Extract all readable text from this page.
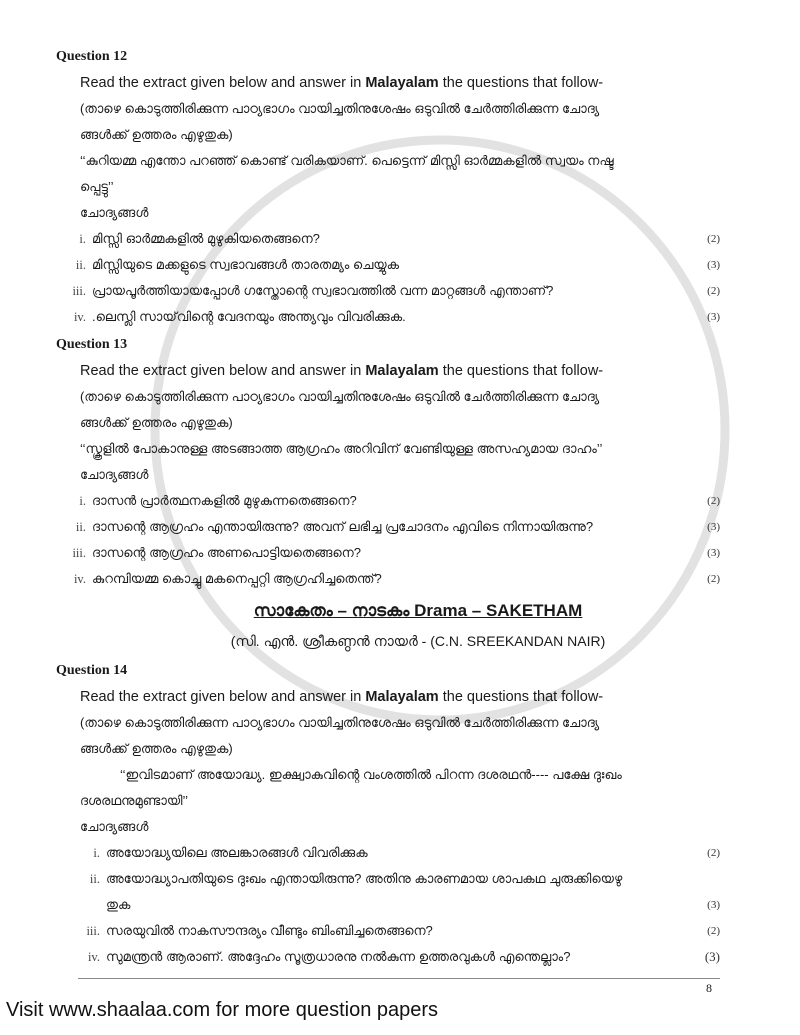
Question 12
Read the extract given below and answer in Malayalam the questions that follow-
(താഴെ കൊടുത്തിരിക്കുന്ന പാഠ്യഭാഗം വായിച്ചതിനുശേഷം ഒടുവിൽ ചേർത്തിരിക്കുന്ന ചോദ്യ
ങ്ങൾക്ക് ഉത്തരം എഴുതുക)
‘‘കുറിയമ്മ എന്തോ പറഞ്ഞ് കൊണ്ട് വരികയാണ്. പെട്ടെന്ന് മിസ്സി ഓർമ്മകളിൽ സ്വയം നഷ്ട
പ്പെട്ടു’’
ചോദ്യങ്ങൾ
i. മിസ്സി ഓർമ്മകളിൽ മുഴുകിയതെങ്ങനെ?	(2)
ii. മിസ്സിയുടെ മക്കളുടെ സ്വഭാവങ്ങൾ താരതമ്യം ചെയ്യുക	(3)
iii. പ്രായപൂർത്തിയായപ്പോൾ ഗസ്തോന്റെ സ്വഭാവത്തിൽ വന്ന മാറ്റങ്ങൾ എന്താണ്?	(2)
iv. .ലെസ്ലി സായ്‌വിന്റെ വേദനയും അന്ത്യവും വിവരിക്കുക.	(3)
Question 13
Read the extract given below and answer in Malayalam the questions that follow-
(താഴെ കൊടുത്തിരിക്കുന്ന പാഠ്യഭാഗം വായിച്ചതിനുശേഷം ഒടുവിൽ ചേർത്തിരിക്കുന്ന ചോദ്യ
ങ്ങൾക്ക് ഉത്തരം എഴുതുക)
‘‘സ്കൂളിൽ പോകാനുള്ള അടങ്ങാത്ത ആഗ്രഹം അറിവിന് വേണ്ടിയുള്ള അസഹ്യമായ ദാഹം’’
ചോദ്യങ്ങൾ
i. ദാസൻ പ്രാർത്ഥനകളിൽ മുഴുകുന്നതെങ്ങനെ?	(2)
ii. ദാസന്റെ ആഗ്രഹം എന്തായിരുന്നു? അവന് ലഭിച്ച പ്രചോദനം എവിടെ നിന്നായിരുന്നു?	(3)
iii. ദാസന്റെ ആഗ്രഹം അണപൊട്ടിയതെങ്ങനെ?	(3)
iv. കുറമ്പിയമ്മ കൊച്ചു മകനെപ്പറ്റി ആഗ്രഹിച്ചതെന്ത്?	(2)
സാകേതം – നാടകം Drama – SAKETHAM
(സി. എൻ. ശ്രീകണ്ഠൻ നായർ - (C.N. SREEKANDAN NAIR)
Question 14
Read the extract given below and answer in Malayalam the questions that follow-
(താഴെ കൊടുത്തിരിക്കുന്ന പാഠ്യഭാഗം വായിച്ചതിനുശേഷം ഒടുവിൽ ചേർത്തിരിക്കുന്ന ചോദ്യ
ങ്ങൾക്ക് ഉത്തരം എഴുതുക)
‘‘ഇവിടമാണ് അയോദ്ധ്യ. ഇക്ഷ്വാകുവിന്റെ വംശത്തിൽ പിറന്ന ദശരഥൻ---- പക്ഷേ ദുഃഖം
ദശരഥനുമുണ്ടായി’’
ചോദ്യങ്ങൾ
i. അയോദ്ധ്യയിലെ അലങ്കാരങ്ങൾ വിവരിക്കുക	(2)
ii. അയോദ്ധ്യാപതിയുടെ ദുഃഖം എന്തായിരുന്നു? അതിനു കാരണമായ ശാപകഥ ചുരുക്കിയെഴു
തുക	(3)
iii. സരയുവിൽ നാകസൗന്ദര്യം വീണ്ടും ബിംബിച്ചതെങ്ങനെ?	(2)
iv. സുമന്ത്രൻ ആരാണ്. അദ്ദേഹം സൂത്രധാരനു നൽകുന്ന ഉത്തരവുകൾ എന്തെല്ലാം?	(3)
8
Visit www.shaalaa.com for more question papers
